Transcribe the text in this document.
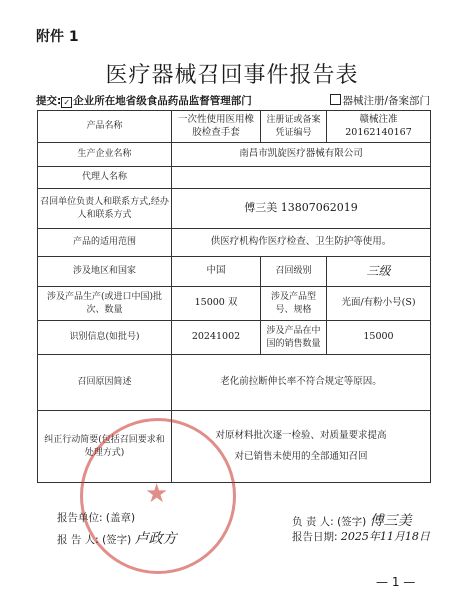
附件 1
医疗器械召回事件报告表
提交: ✓ 企业所在地省级食品药品监督管理部门	器械注册/备案部门
产品名称	一次性使用医用橡胶检查手套	注册证或备案凭证编号	赣械注准 20162140167
生产企业名称	南昌市凯旋医疗器械有限公司		
代理人名称			
召回单位负责人和联系方式,经办人和联系方式	傅三美 13807062019		
产品的适用范围	供医疗机构作医疗检查、卫生防护等使用。		
涉及地区和国家	中国	召回级别	三级
涉及产品生产(或进口中国)批次、数量	15000 双	涉及产品型号、规格	光面/有粉小号(S)
识别信息(如批号)	20241002	涉及产品在中国的销售数量	15000
召回原因简述	老化前拉断伸长率不符合规定等原因。		
纠正行动简要(包括召回要求和处理方式)	对原材料批次逐一检验、对质量要求提高
对已销售未使用的全部通知召回		
★
报告单位: (盖章)
报 告 人: (签字) 卢政方
负 责 人: (签字) 傅三美
报告日期: 2025年11月18日
— 1 —
